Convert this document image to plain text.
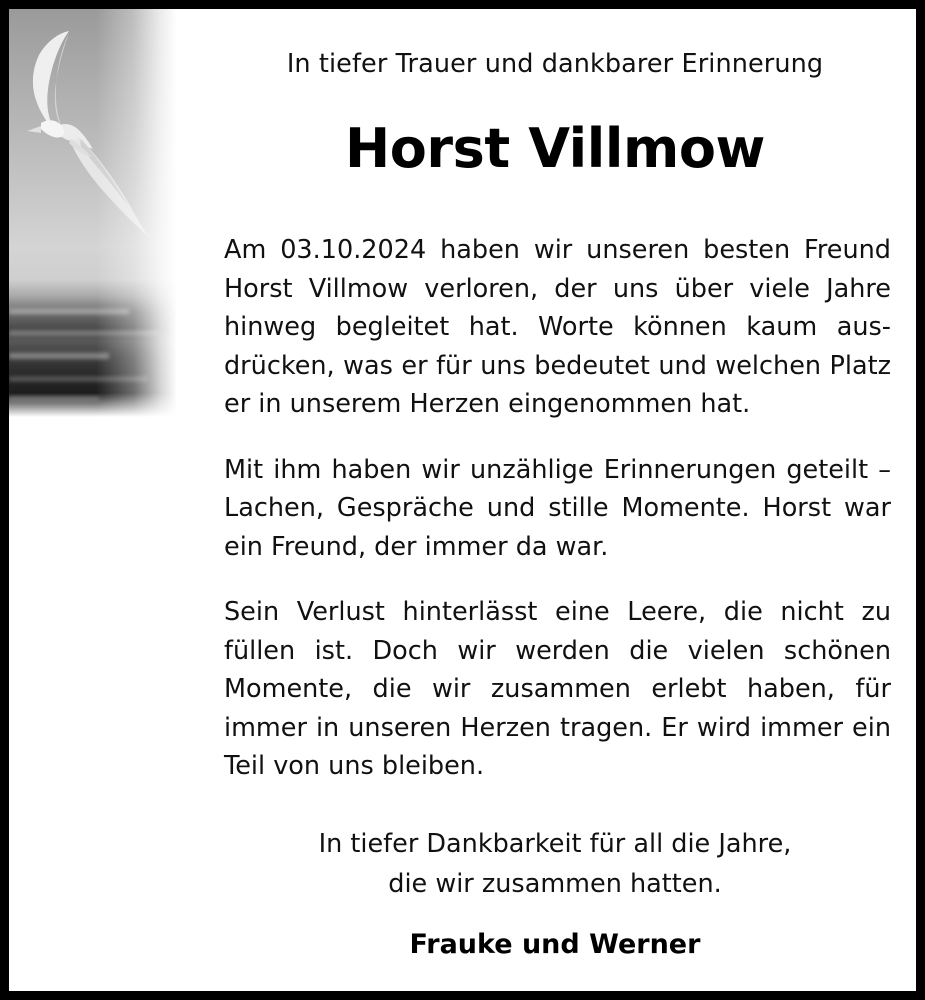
In tiefer Trauer und dankbarer Erinnerung
Horst Villmow

Am 03.10.2024 haben wir unseren besten Freund Horst Villmow verloren, der uns über viele Jahre hinweg begleitet hat. Worte können kaum aus-drücken, was er für uns bedeutet und welchen Platz er in unserem Herzen eingenommen hat.

Mit ihm haben wir unzählige Erinnerungen geteilt – Lachen, Gespräche und stille Momente. Horst war ein Freund, der immer da war.

Sein Verlust hinterlässt eine Leere, die nicht zu füllen ist. Doch wir werden die vielen schönen Momente, die wir zusammen erlebt haben, für immer in unseren Herzen tragen. Er wird immer ein Teil von uns bleiben.

In tiefer Dankbarkeit für all die Jahre,
die wir zusammen hatten.
Frauke und Werner
